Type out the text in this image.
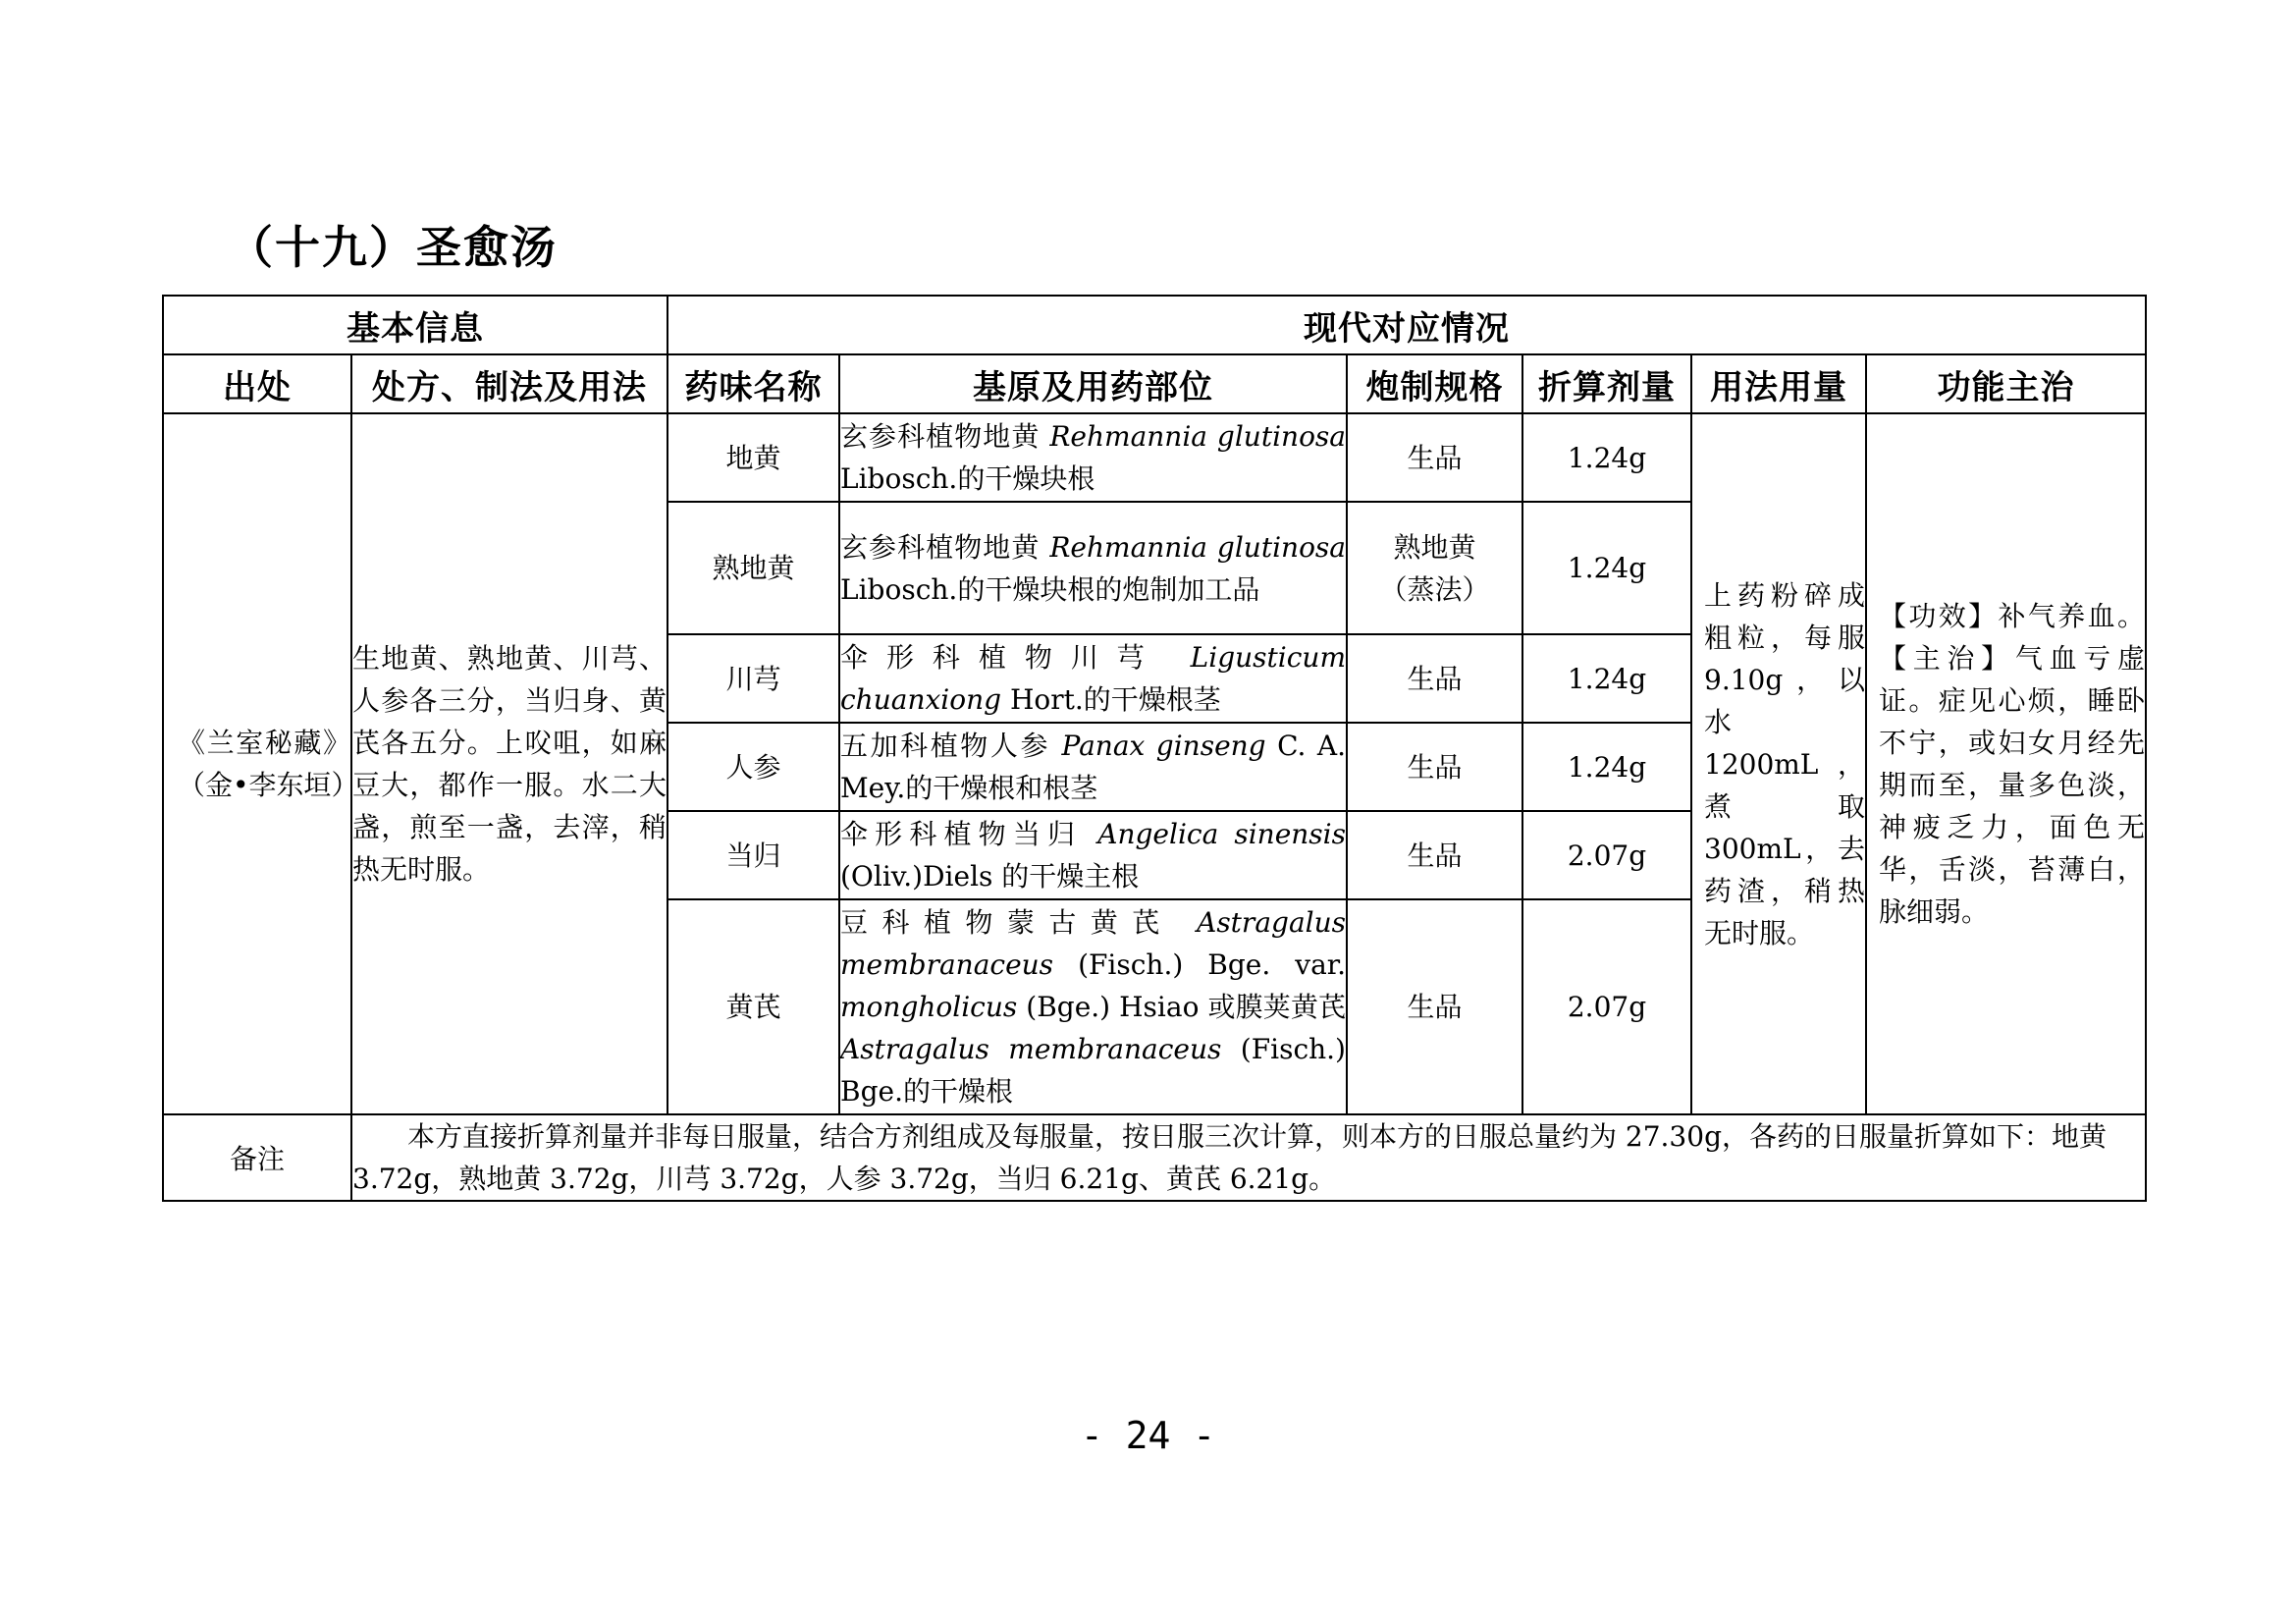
（十九）圣愈汤
基本信息		现代对应情况					
出处	处方、制法及用法	药味名称	基原及用药部位	炮制规格	折算剂量	用法用量	功能主治
《兰室秘藏》（金•李东垣）	生地黄、熟地黄、川芎、人参各三分，当归身、黄芪各五分。上㕮咀，如麻豆大，都作一服。水二大盏，煎至一盏，去滓，稍热无时服。	地黄	玄参科植物地黄 Rehmannia glutinosa Libosch.的干燥块根	生品	1.24g	上药粉碎成粗粒，每服9.10g，以水1200mL，煮取300mL，去药渣，稍热无时服。	【功效】补气养血。【主治】气血亏虚证。症见心烦，睡卧不宁，或妇女月经先期而至，量多色淡，神疲乏力，面色无华，舌淡，苔薄白，脉细弱。
		熟地黄	玄参科植物地黄 Rehmannia glutinosa Libosch.的干燥块根的炮制加工品	熟地黄（蒸法）	1.24g		
		川芎	伞形科植物川芎 Ligusticum chuanxiong Hort.的干燥根茎	生品	1.24g		
		人参	五加科植物人参 Panax ginseng C. A. Mey.的干燥根和根茎	生品	1.24g		
		当归	伞形科植物当归 Angelica sinensis (Oliv.)Diels 的干燥主根	生品	2.07g		
		黄芪	豆科植物蒙古黄芪 Astragalus membranaceus (Fisch.) Bge. var. mongholicus (Bge.) Hsiao 或膜荚黄芪 Astragalus membranaceus (Fisch.) Bge.的干燥根	生品	2.07g		
备注	本方直接折算剂量并非每日服量，结合方剂组成及每服量，按日服三次计算，则本方的日服总量约为 27.30g，各药的日服量折算如下：地黄 3.72g，熟地黄 3.72g，川芎 3.72g，人参 3.72g，当归 6.21g、黄芪 6.21g。						
- 24 -
